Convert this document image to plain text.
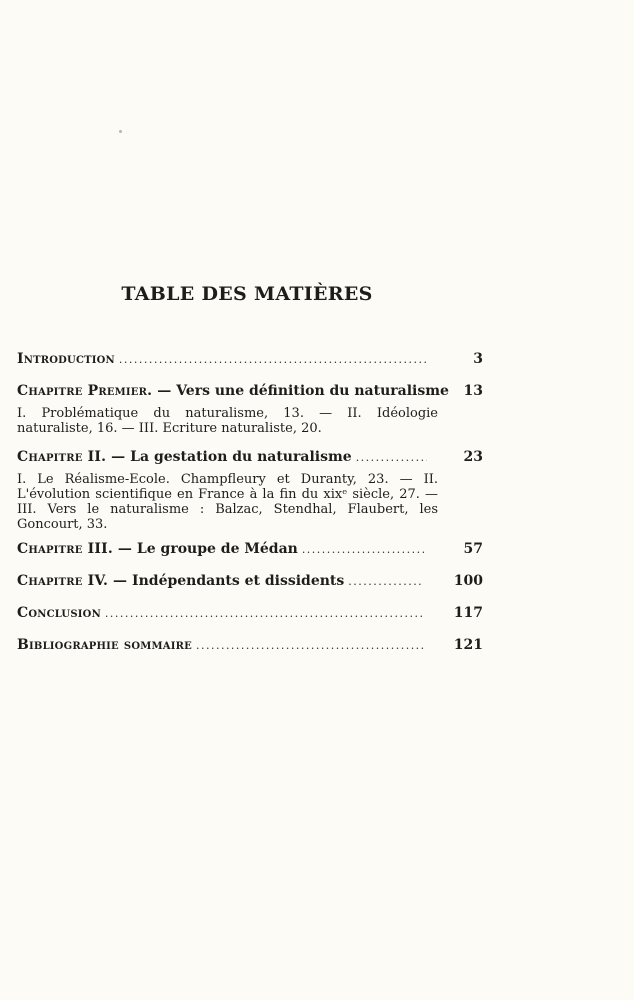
TABLE DES MATIÈRES
Introduction . . .	3
Chapitre Premier. — Vers une définition du naturalisme	13
I. Problématique du naturalisme, 13. — II. Idéologie naturaliste, 16. — III. Ecriture naturaliste, 20.
Chapitre II. — La gestation du naturalisme . . .	23
I. Le Réalisme-Ecole. Champfleury et Duranty, 23. — II. L'évolution scientifique en France à la fin du xixᵉ siècle, 27. — III. Vers le naturalisme : Balzac, Stendhal, Flaubert, les Goncourt, 33.
Chapitre III. — Le groupe de Médan . . .	57
Chapitre IV. — Indépendants et dissidents . . .	100
Conclusion . . .	117
Bibliographie sommaire . . .	121
